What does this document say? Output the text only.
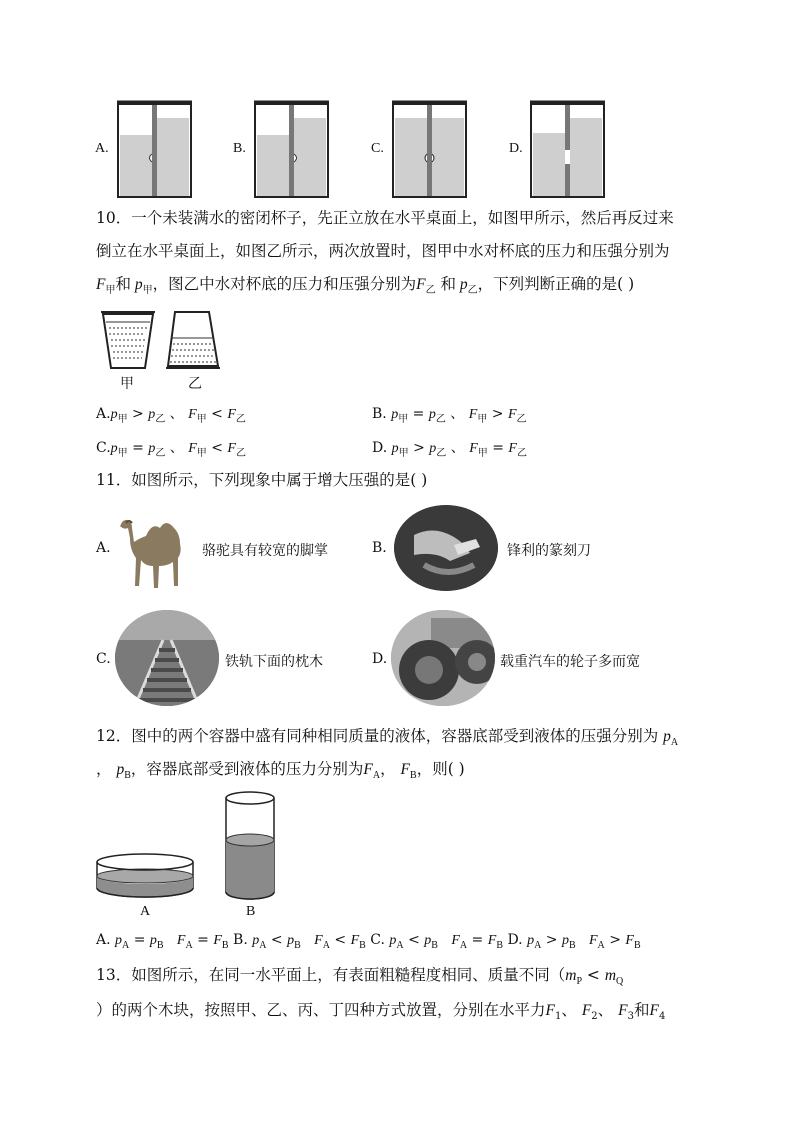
A.	B.	C.	D.
10．一个未装满水的密闭杯子，先正立放在水平桌面上，如图甲所示，然后再反过来
倒立在水平桌面上，如图乙所示，两次放置时，图甲中水对杯底的压力和压强分别为
$F_甲$和 $p_甲$，图乙中水对杯底的压力和压强分别为$F_乙$ 和 $p_乙$，下列判断正确的是( )
甲	乙
$A.p_甲 > p_乙$ 、 $F_甲 < F_乙$	B. $p_甲 = p_乙$ 、 $F_甲 > F_乙$
$C.p_甲 = p_乙$ 、 $F_甲 < F_乙$	D. $p_甲 > p_乙$ 、 $F_甲 = F_乙$
11．如图所示，下列现象中属于增大压强的是( )
A.	骆驼具有较宽的脚掌	B.	锋利的篆刻刀
C.	铁轨下面的枕木	D.	载重汽车的轮子多而宽
12．图中的两个容器中盛有同种相同质量的液体，容器底部受到液体的压强分别为 $p_A$
， $p_B$，容器底部受到液体的压力分别为$F_A$， $F_B$，则( )
A	B
A. $p_A = p_B$ $F_A = F_B$ B. $p_A < p_B$ $F_A < F_B$ C. $p_A < p_B$ $F_A = F_B$ D. $p_A > p_B$ $F_A > F_B$
13．如图所示，在同一水平面上，有表面粗糙程度相同、质量不同（$m_P < m_Q$
）的两个木块，按照甲、乙、丙、丁四种方式放置，分别在水平力$F_1$、 $F_2$、 $F_3$和$F_4$
